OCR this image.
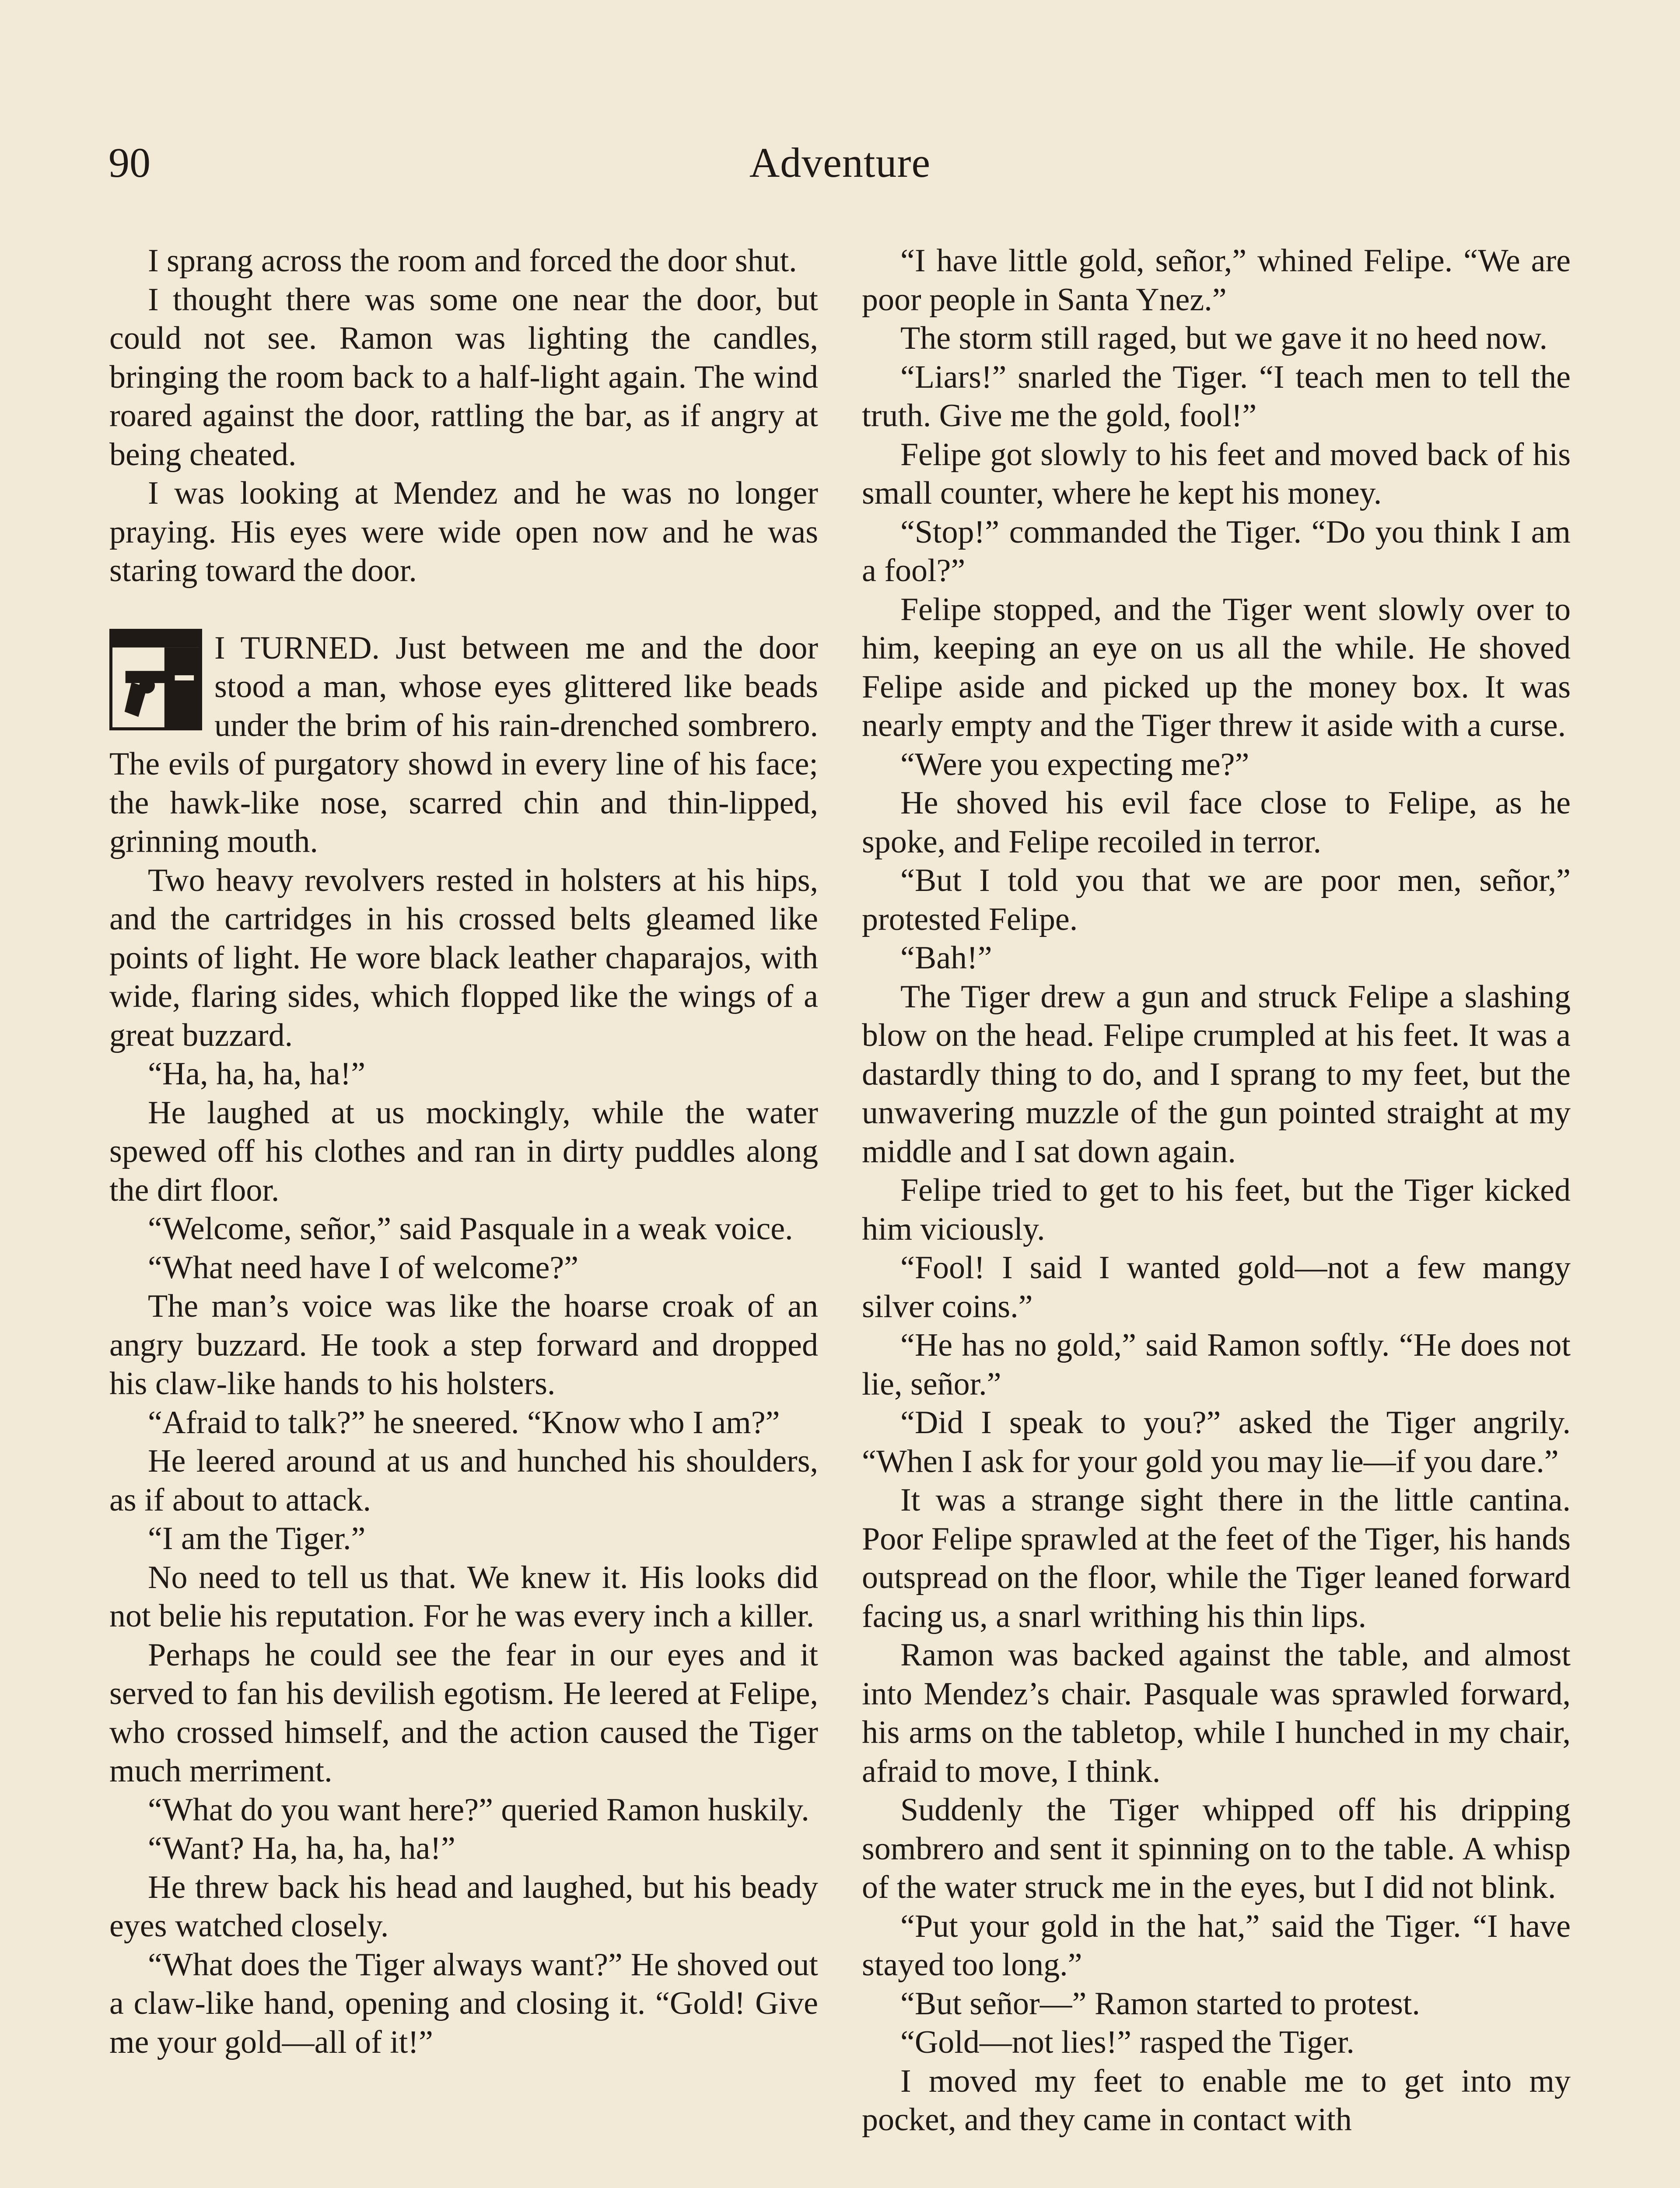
90	Adventure

I sprang across the room and forced the door shut.

I thought there was some one near the door, but could not see. Ramon was lighting the candles, bringing the room back to a half-light again. The wind roared against the door, rattling the bar, as if angry at being cheated.

I was looking at Mendez and he was no longer praying. His eyes were wide open now and he was staring toward the door.

I TURNED. Just between me and the door stood a man, whose eyes glittered like beads under the brim of his rain-drenched sombrero. The evils of purgatory showd in every line of his face; the hawk-like nose, scarred chin and thin-lipped, grinning mouth.

Two heavy revolvers rested in holsters at his hips, and the cartridges in his crossed belts gleamed like points of light. He wore black leather chaparajos, with wide, flaring sides, which flopped like the wings of a great buzzard.

“Ha, ha, ha, ha!”

He laughed at us mockingly, while the water spewed off his clothes and ran in dirty puddles along the dirt floor.

“Welcome, señor,” said Pasquale in a weak voice.

“What need have I of welcome?”

The man’s voice was like the hoarse croak of an angry buzzard. He took a step forward and dropped his claw-like hands to his holsters.

“Afraid to talk?” he sneered. “Know who I am?”

He leered around at us and hunched his shoulders, as if about to attack.

“I am the Tiger.”

No need to tell us that. We knew it. His looks did not belie his reputation. For he was every inch a killer.

Perhaps he could see the fear in our eyes and it served to fan his devilish egotism. He leered at Felipe, who crossed himself, and the action caused the Tiger much merriment.

“What do you want here?” queried Ramon huskily.

“Want? Ha, ha, ha, ha!”

He threw back his head and laughed, but his beady eyes watched closely.

“What does the Tiger always want?” He shoved out a claw-like hand, opening and closing it. “Gold! Give me your gold—all of it!”

“I have little gold, señor,” whined Felipe. “We are poor people in Santa Ynez.”

The storm still raged, but we gave it no heed now.

“Liars!” snarled the Tiger. “I teach men to tell the truth. Give me the gold, fool!”

Felipe got slowly to his feet and moved back of his small counter, where he kept his money.

“Stop!” commanded the Tiger. “Do you think I am a fool?”

Felipe stopped, and the Tiger went slowly over to him, keeping an eye on us all the while. He shoved Felipe aside and picked up the money box. It was nearly empty and the Tiger threw it aside with a curse.

“Were you expecting me?”

He shoved his evil face close to Felipe, as he spoke, and Felipe recoiled in terror.

“But I told you that we are poor men, señor,” protested Felipe.

“Bah!”

The Tiger drew a gun and struck Felipe a slashing blow on the head. Felipe crumpled at his feet. It was a dastardly thing to do, and I sprang to my feet, but the unwavering muzzle of the gun pointed straight at my middle and I sat down again.

Felipe tried to get to his feet, but the Tiger kicked him viciously.

“Fool! I said I wanted gold—not a few mangy silver coins.”

“He has no gold,” said Ramon softly. “He does not lie, señor.”

“Did I speak to you?” asked the Tiger angrily. “When I ask for your gold you may lie—if you dare.”

It was a strange sight there in the little cantina. Poor Felipe sprawled at the feet of the Tiger, his hands outspread on the floor, while the Tiger leaned forward facing us, a snarl writhing his thin lips.

Ramon was backed against the table, and almost into Mendez’s chair. Pasquale was sprawled forward, his arms on the tabletop, while I hunched in my chair, afraid to move, I think.

Suddenly the Tiger whipped off his dripping sombrero and sent it spinning on to the table. A whisp of the water struck me in the eyes, but I did not blink.

“Put your gold in the hat,” said the Tiger. “I have stayed too long.”

“But señor—” Ramon started to protest.

“Gold—not lies!” rasped the Tiger.

I moved my feet to enable me to get into my pocket, and they came in contact with
